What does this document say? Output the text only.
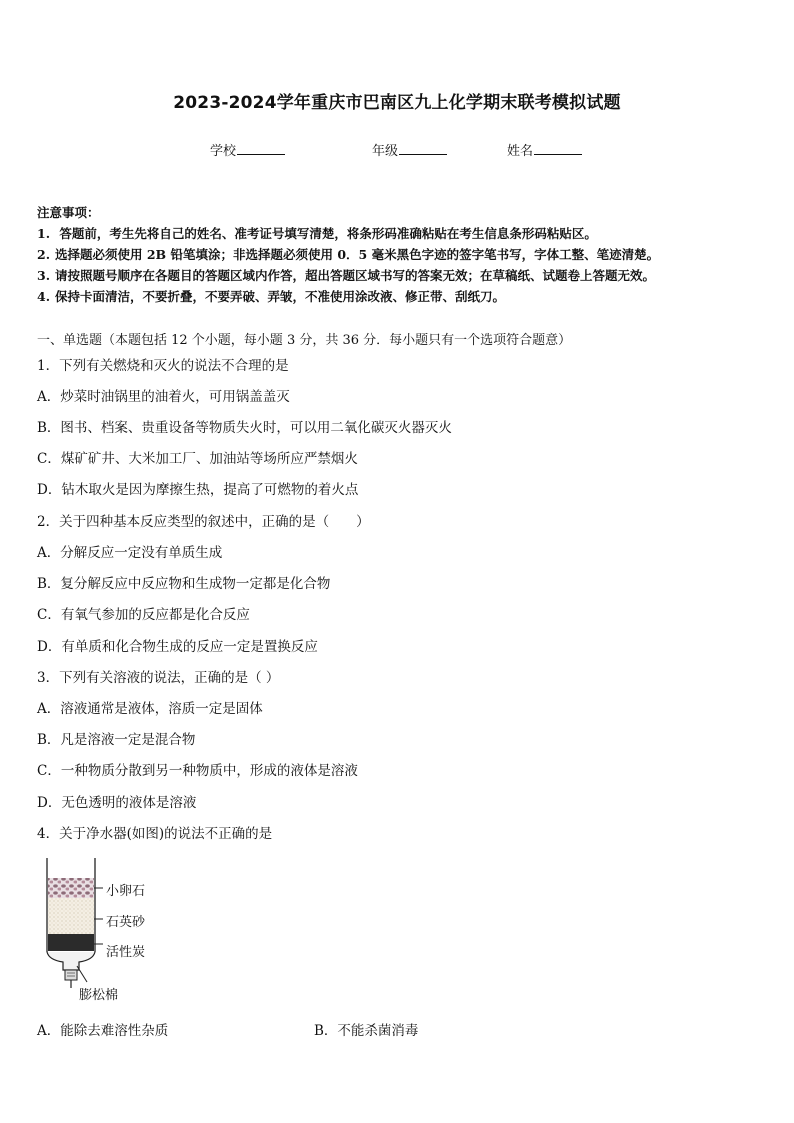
2023-2024学年重庆市巴南区九上化学期末联考模拟试题
学校	年级	姓名
注意事项：
1. 答题前，考生先将自己的姓名、准考证号填写清楚，将条形码准确粘贴在考生信息条形码粘贴区。
2. 选择题必须使用 2B 铅笔填涂；非选择题必须使用 0．5 毫米黑色字迹的签字笔书写，字体工整、笔迹清楚。
3. 请按照题号顺序在各题目的答题区域内作答，超出答题区域书写的答案无效；在草稿纸、试题卷上答题无效。
4. 保持卡面清洁，不要折叠，不要弄破、弄皱，不准使用涂改液、修正带、刮纸刀。
一、单选题（本题包括 12 个小题，每小题 3 分，共 36 分．每小题只有一个选项符合题意）
1．下列有关燃烧和灭火的说法不合理的是
A．炒菜时油锅里的油着火，可用锅盖盖灭
B．图书、档案、贵重设备等物质失火时，可以用二氧化碳灭火器灭火
C．煤矿矿井、大米加工厂、加油站等场所应严禁烟火
D．钻木取火是因为摩擦生热，提高了可燃物的着火点
2．关于四种基本反应类型的叙述中，正确的是（　　）
A．分解反应一定没有单质生成
B．复分解反应中反应物和生成物一定都是化合物
C．有氧气参加的反应都是化合反应
D．有单质和化合物生成的反应一定是置换反应
3．下列有关溶液的说法，正确的是（ ）
A．溶液通常是液体，溶质一定是固体
B．凡是溶液一定是混合物
C．一种物质分散到另一种物质中，形成的液体是溶液
D．无色透明的液体是溶液
4．关于净水器(如图)的说法不正确的是
小卵石
石英砂
活性炭
膨松棉
A．能除去难溶性杂质	B．不能杀菌消毒
